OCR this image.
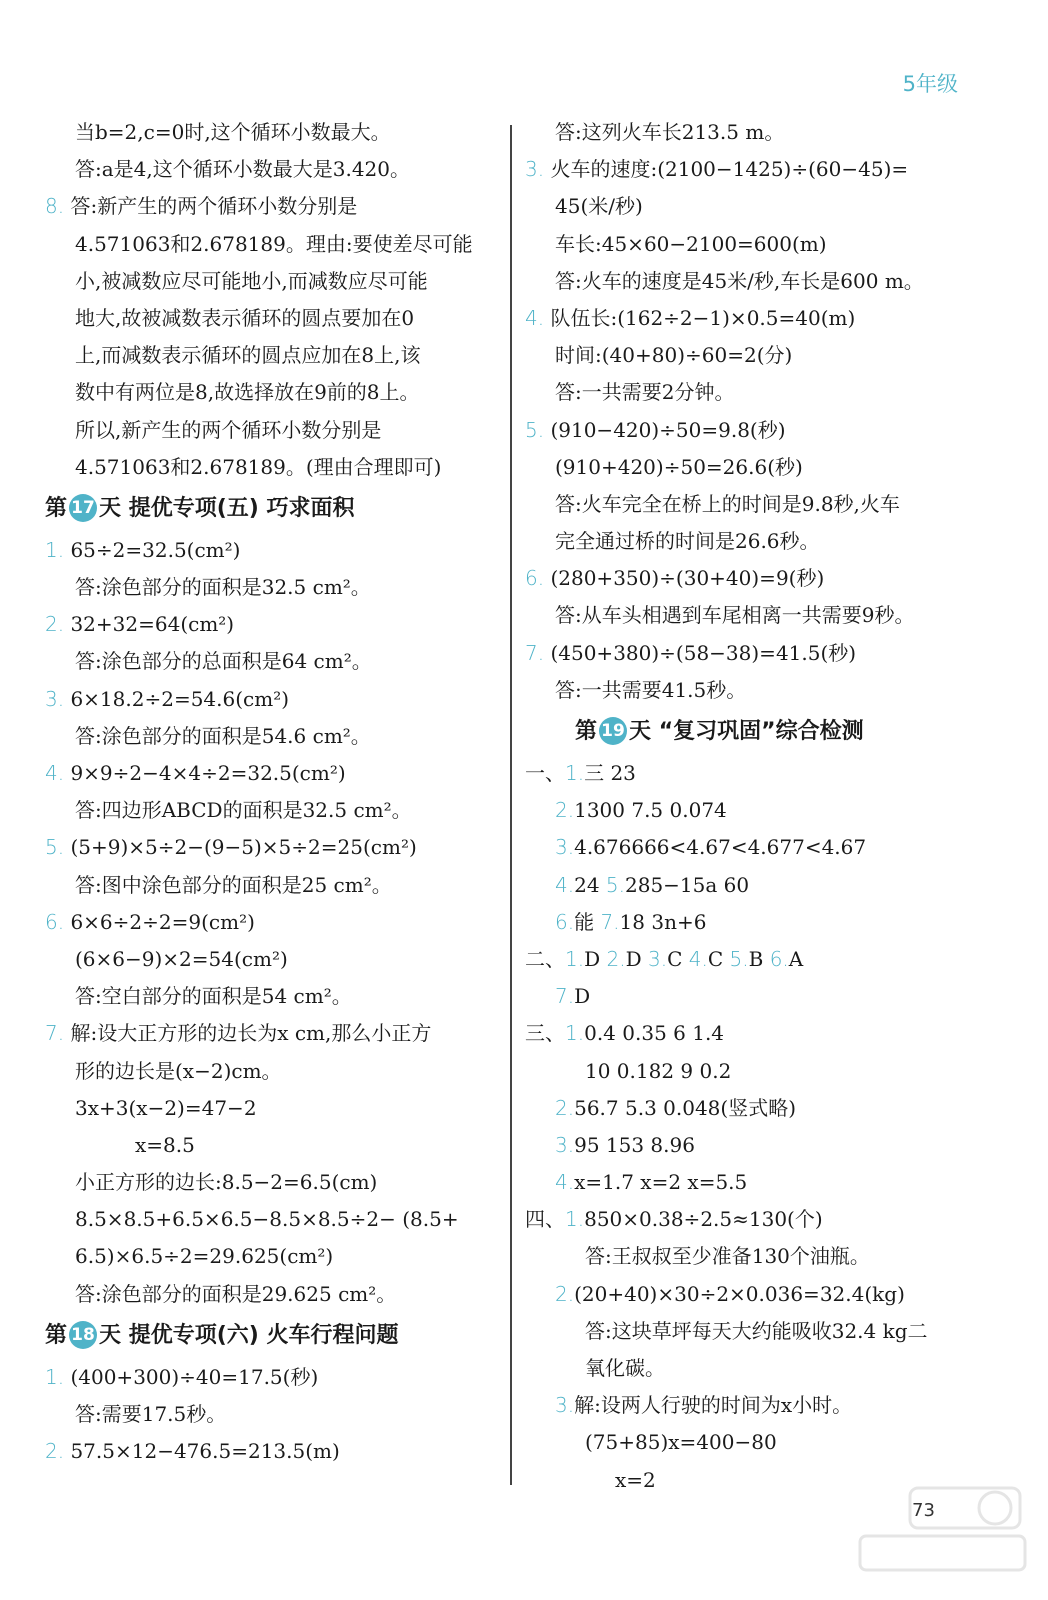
5年级
当b=2,c=0时,这个循环小数最大。
答:a是4,这个循环小数最大是3.420。
8. 答:新产生的两个循环小数分别是
4.571063和2.678189。理由:要使差尽可能
小,被减数应尽可能地小,而减数应尽可能
地大,故被减数表示循环的圆点要加在0
上,而减数表示循环的圆点应加在8上,该
数中有两位是8,故选择放在9前的8上。
所以,新产生的两个循环小数分别是
4.571063和2.678189。(理由合理即可)
第 17 天 提优专项(五) 巧求面积
1. 65÷2=32.5(cm²)
答:涂色部分的面积是32.5 cm²。
2. 32+32=64(cm²)
答:涂色部分的总面积是64 cm²。
3. 6×18.2÷2=54.6(cm²)
答:涂色部分的面积是54.6 cm²。
4. 9×9÷2−4×4÷2=32.5(cm²)
答:四边形ABCD的面积是32.5 cm²。
5. (5+9)×5÷2−(9−5)×5÷2=25(cm²)
答:图中涂色部分的面积是25 cm²。
6. 6×6÷2÷2=9(cm²)
(6×6−9)×2=54(cm²)
答:空白部分的面积是54 cm²。
7. 解:设大正方形的边长为x cm,那么小正方
形的边长是(x−2)cm。
3x+3(x−2)=47−2
x=8.5
小正方形的边长:8.5−2=6.5(cm)
8.5×8.5+6.5×6.5−8.5×8.5÷2− (8.5+
6.5)×6.5÷2=29.625(cm²)
答:涂色部分的面积是29.625 cm²。
第 18 天 提优专项(六) 火车行程问题
1. (400+300)÷40=17.5(秒)
答:需要17.5秒。
2. 57.5×12−476.5=213.5(m)
答:这列火车长213.5 m。
3. 火车的速度:(2100−1425)÷(60−45)=
45(米/秒)
车长:45×60−2100=600(m)
答:火车的速度是45米/秒,车长是600 m。
4. 队伍长:(162÷2−1)×0.5=40(m)
时间:(40+80)÷60=2(分)
答:一共需要2分钟。
5. (910−420)÷50=9.8(秒)
(910+420)÷50=26.6(秒)
答:火车完全在桥上的时间是9.8秒,火车
完全通过桥的时间是26.6秒。
6. (280+350)÷(30+40)=9(秒)
答:从车头相遇到车尾相离一共需要9秒。
7. (450+380)÷(58−38)=41.5(秒)
答:一共需要41.5秒。
第 19 天 “复习巩固”综合检测
一、1.三 23
2.1300 7.5 0.074
3.4.676666<4.67<4.677<4.67
4.24 5.285−15a 60
6.能 7.18 3n+6
二、1.D 2.D 3.C 4.C 5.B 6.A
7.D
三、1.0.4 0.35 6 1.4
10 0.182 9 0.2
2.56.7 5.3 0.048(竖式略)
3.95 153 8.96
4.x=1.7 x=2 x=5.5
四、1.850×0.38÷2.5≈130(个)
答:王叔叔至少准备130个油瓶。
2.(20+40)×30÷2×0.036=32.4(kg)
答:这块草坪每天大约能吸收32.4 kg二
氧化碳。
3.解:设两人行驶的时间为x小时。
(75+85)x=400−80
x=2
73
